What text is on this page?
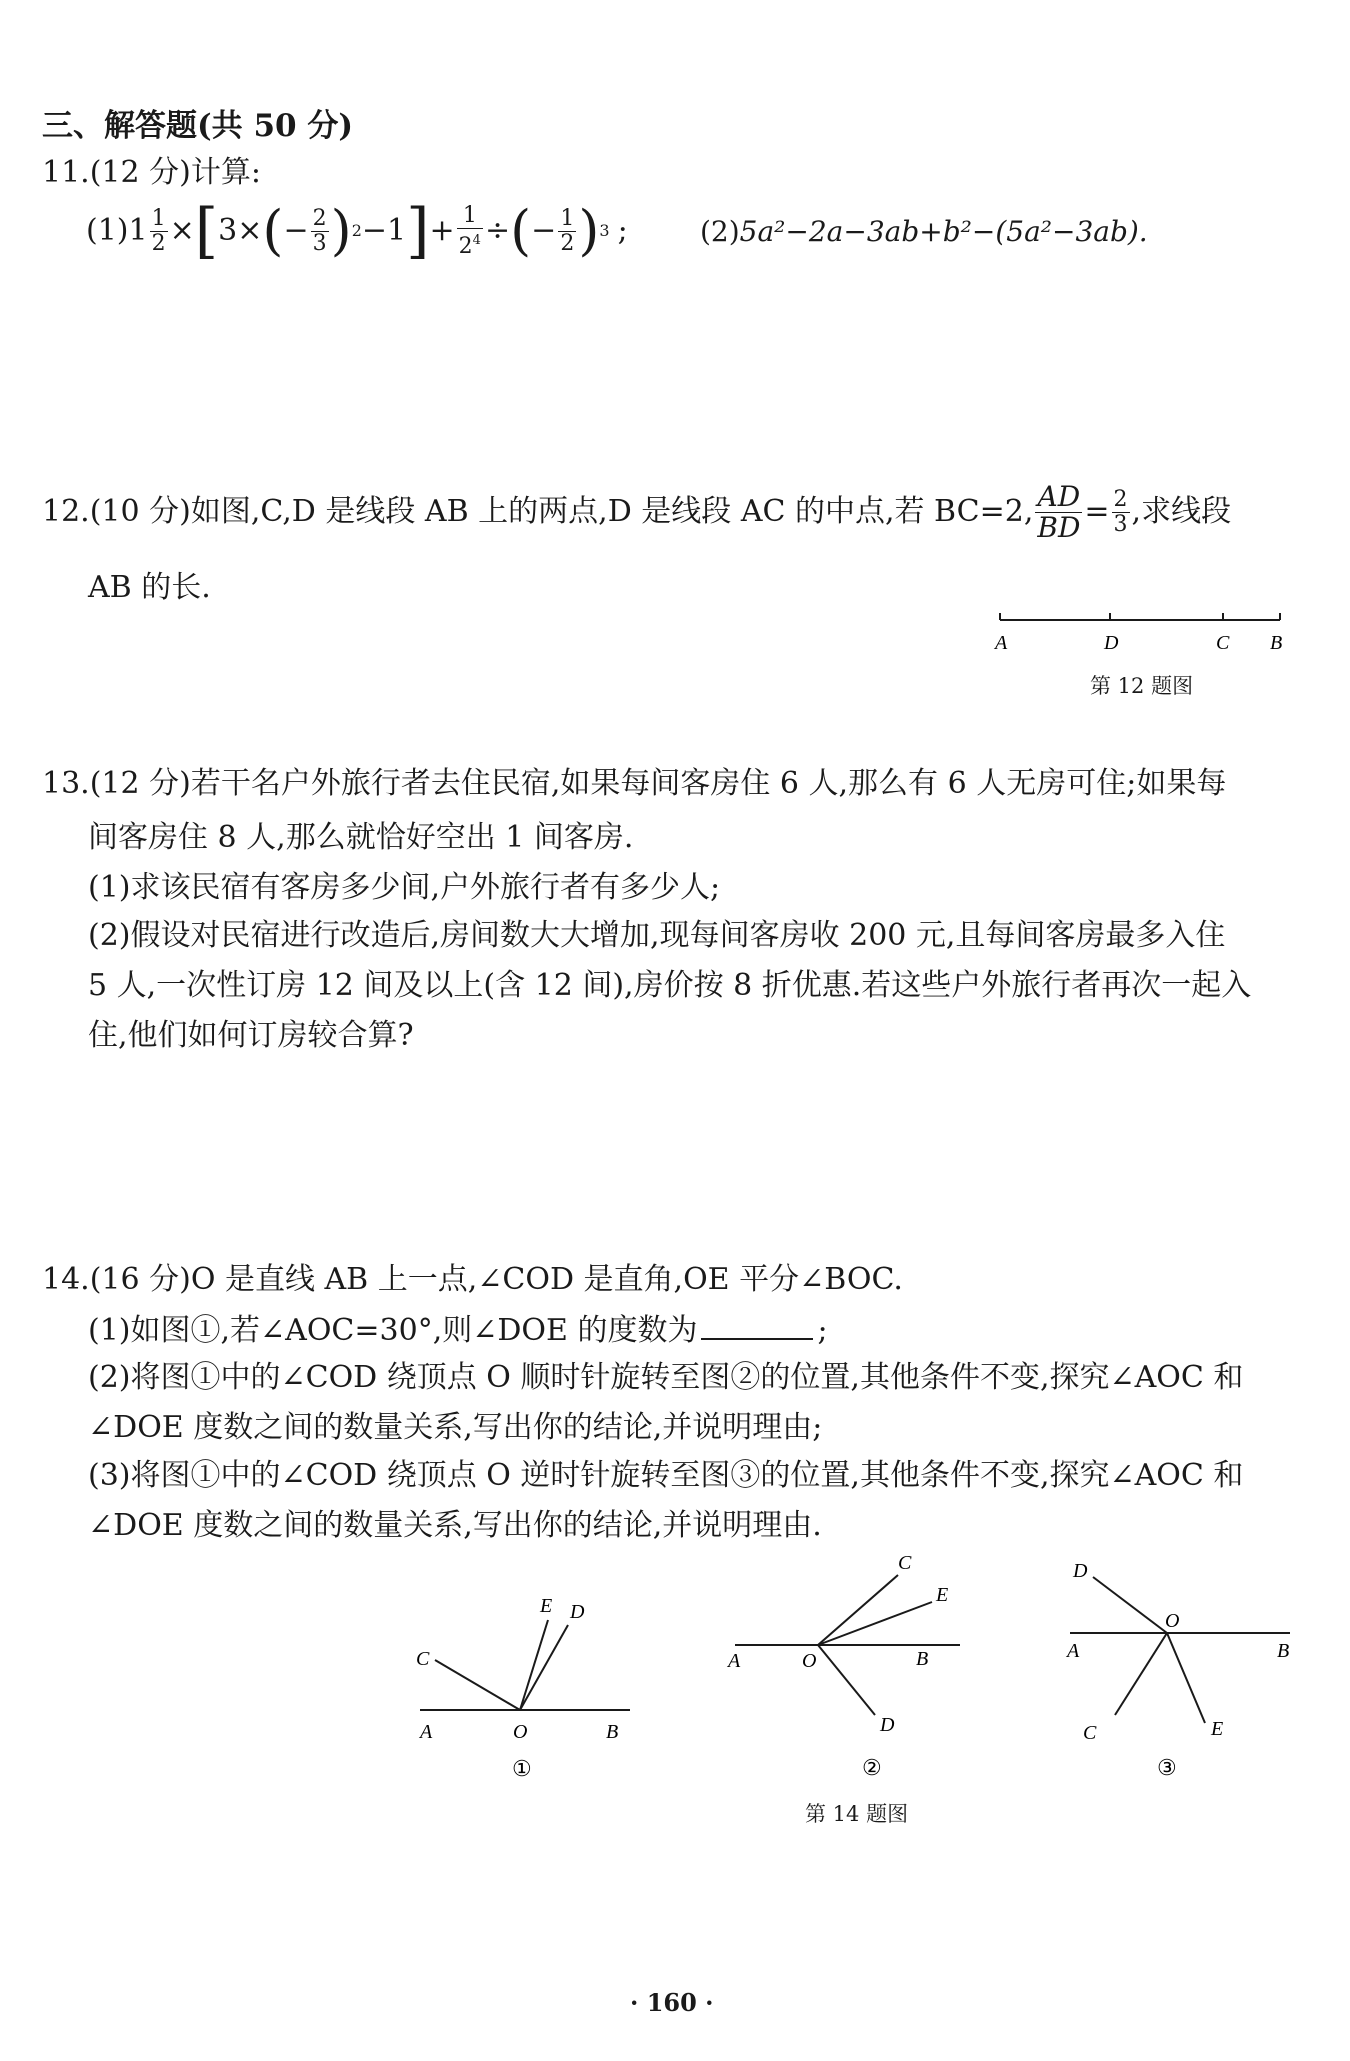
三、解答题(共 50 分)
11.(12 分)计算:
(1) $1 \frac{1}{2}$ × [ 3× ( − $\frac{2}{3}$ ) 2 −1 ] + $\frac{1}{2^4}$ ÷ ( − $\frac{1}{2}$ ) 3 ;	(2)5a²−2a−3ab+b²−(5a²−3ab).
12.(10 分)如图,C,D 是线段 AB 上的两点,D 是线段 AC 的中点,若 BC=2, $\frac{AD}{BD} = \frac{2}{3}$ ,求线段
AB 的长.
A	D	C B
第 12 题图
13.(12 分)若干名户外旅行者去住民宿,如果每间客房住 6 人,那么有 6 人无房可住;如果每
间客房住 8 人,那么就恰好空出 1 间客房.
(1)求该民宿有客房多少间,户外旅行者有多少人;
(2)假设对民宿进行改造后,房间数大大增加,现每间客房收 200 元,且每间客房最多入住
5 人,一次性订房 12 间及以上(含 12 间),房价按 8 折优惠.若这些户外旅行者再次一起入
住,他们如何订房较合算?
14.(16 分)O 是直线 AB 上一点,∠COD 是直角,OE 平分∠BOC.
(1)如图①,若∠AOC=30°,则∠DOE 的度数为	;
(2)将图①中的∠COD 绕顶点 O 顺时针旋转至图②的位置,其他条件不变,探究∠AOC 和
∠DOE 度数之间的数量关系,写出你的结论,并说明理由;
(3)将图①中的∠COD 绕顶点 O 逆时针旋转至图③的位置,其他条件不变,探究∠AOC 和
∠DOE 度数之间的数量关系,写出你的结论,并说明理由.
C
E D
A	O	B
①
C
E
A	O	B
D
②
D
O
A	B
C	E
③
第 14 题图
· 160 ·
